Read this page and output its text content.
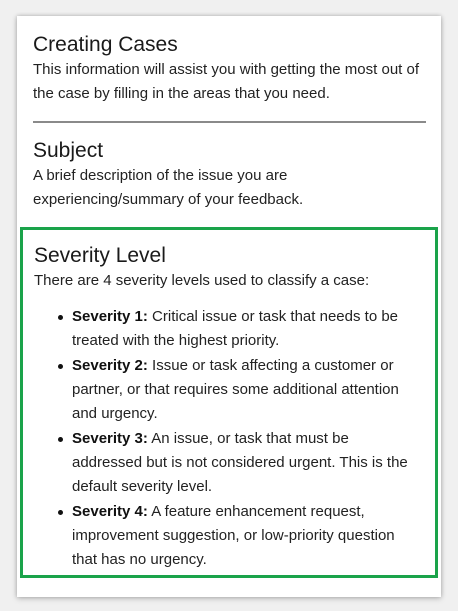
Creating Cases

This information will assist you with getting the most out of the case by filling in the areas that you need.

Subject

A brief description of the issue you are experiencing/summary of your feedback.

Severity Level

There are 4 severity levels used to classify a case:

Severity 1: Critical issue or task that needs to be treated with the highest priority.
Severity 2: Issue or task affecting a customer or partner, or that requires some additional attention and urgency.
Severity 3: An issue, or task that must be addressed but is not considered urgent. This is the default severity level.
Severity 4: A feature enhancement request, improvement suggestion, or low-priority question that has no urgency.
